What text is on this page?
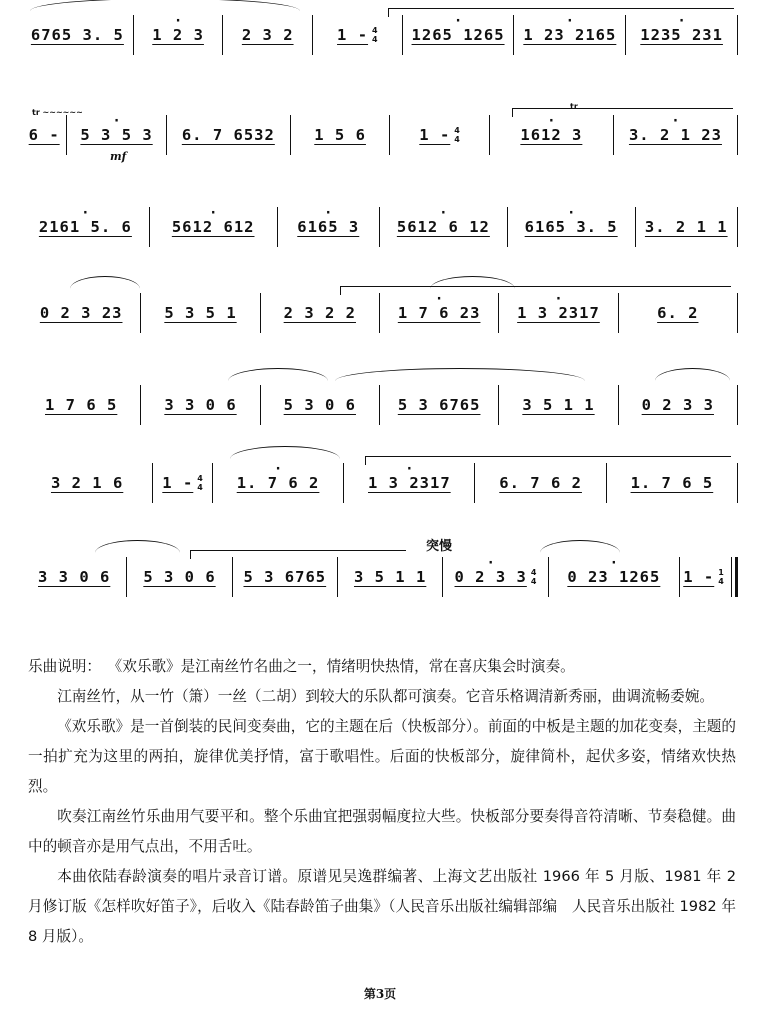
6765 3. 5	· 1 2 3	2 3 2	1 - 4
4	· 1265 1265	· 1 23 2165	· 1235 231
tr ~~~~~~
tr
6 -	· 5 3 5 3	6. 7 6532	1 5 6	1 - 4
4	· 1612 3	· 3. 2 1 23
mf
· 2161 5. 6	· 5612 612	· 6165 3	· 5612 6 12	· 6165 3. 5	3. 2 1 1
0 2 3 23	5 3 5 1	2 3 2 2	· 1 7 6 23	· 1 3 2317	6. 2
1 7 6 5	3 3 0 6	5 3 0 6	5 3 6765	3 5 1 1	0 2 3 3
3 2 1 6	1 - 4
4	· 1. 7 6 2	· 1 3 2317	6. 7 6 2	1. 7 6 5
突慢
3 3 0 6	5 3 0 6	5 3 6765	3 5 1 1	· 0 2 3 3 4
4	· 0 23 1265	1 - 1
4

乐曲说明： 《欢乐歌》是江南丝竹名曲之一，情绪明快热情，常在喜庆集会时演奏。

江南丝竹，从一竹（箫）一丝（二胡）到较大的乐队都可演奏。它音乐格调清新秀丽，曲调流畅委婉。

《欢乐歌》是一首倒装的民间变奏曲，它的主题在后（快板部分）。前面的中板是主题的加花变奏，主题的一拍扩充为这里的两拍，旋律优美抒情，富于歌唱性。后面的快板部分，旋律简朴，起伏多姿，情绪欢快热烈。

吹奏江南丝竹乐曲用气要平和。整个乐曲宜把强弱幅度拉大些。快板部分要奏得音符清晰、节奏稳健。曲中的顿音亦是用气点出，不用舌吐。

本曲依陆春龄演奏的唱片录音订谱。原谱见吴逸群编著、上海文艺出版社 1966 年 5 月版、1981 年 2 月修订版《怎样吹好笛子》，后收入《陆春龄笛子曲集》（人民音乐出版社编辑部编　人民音乐出版社 1982 年 8 月版）。

第3页
